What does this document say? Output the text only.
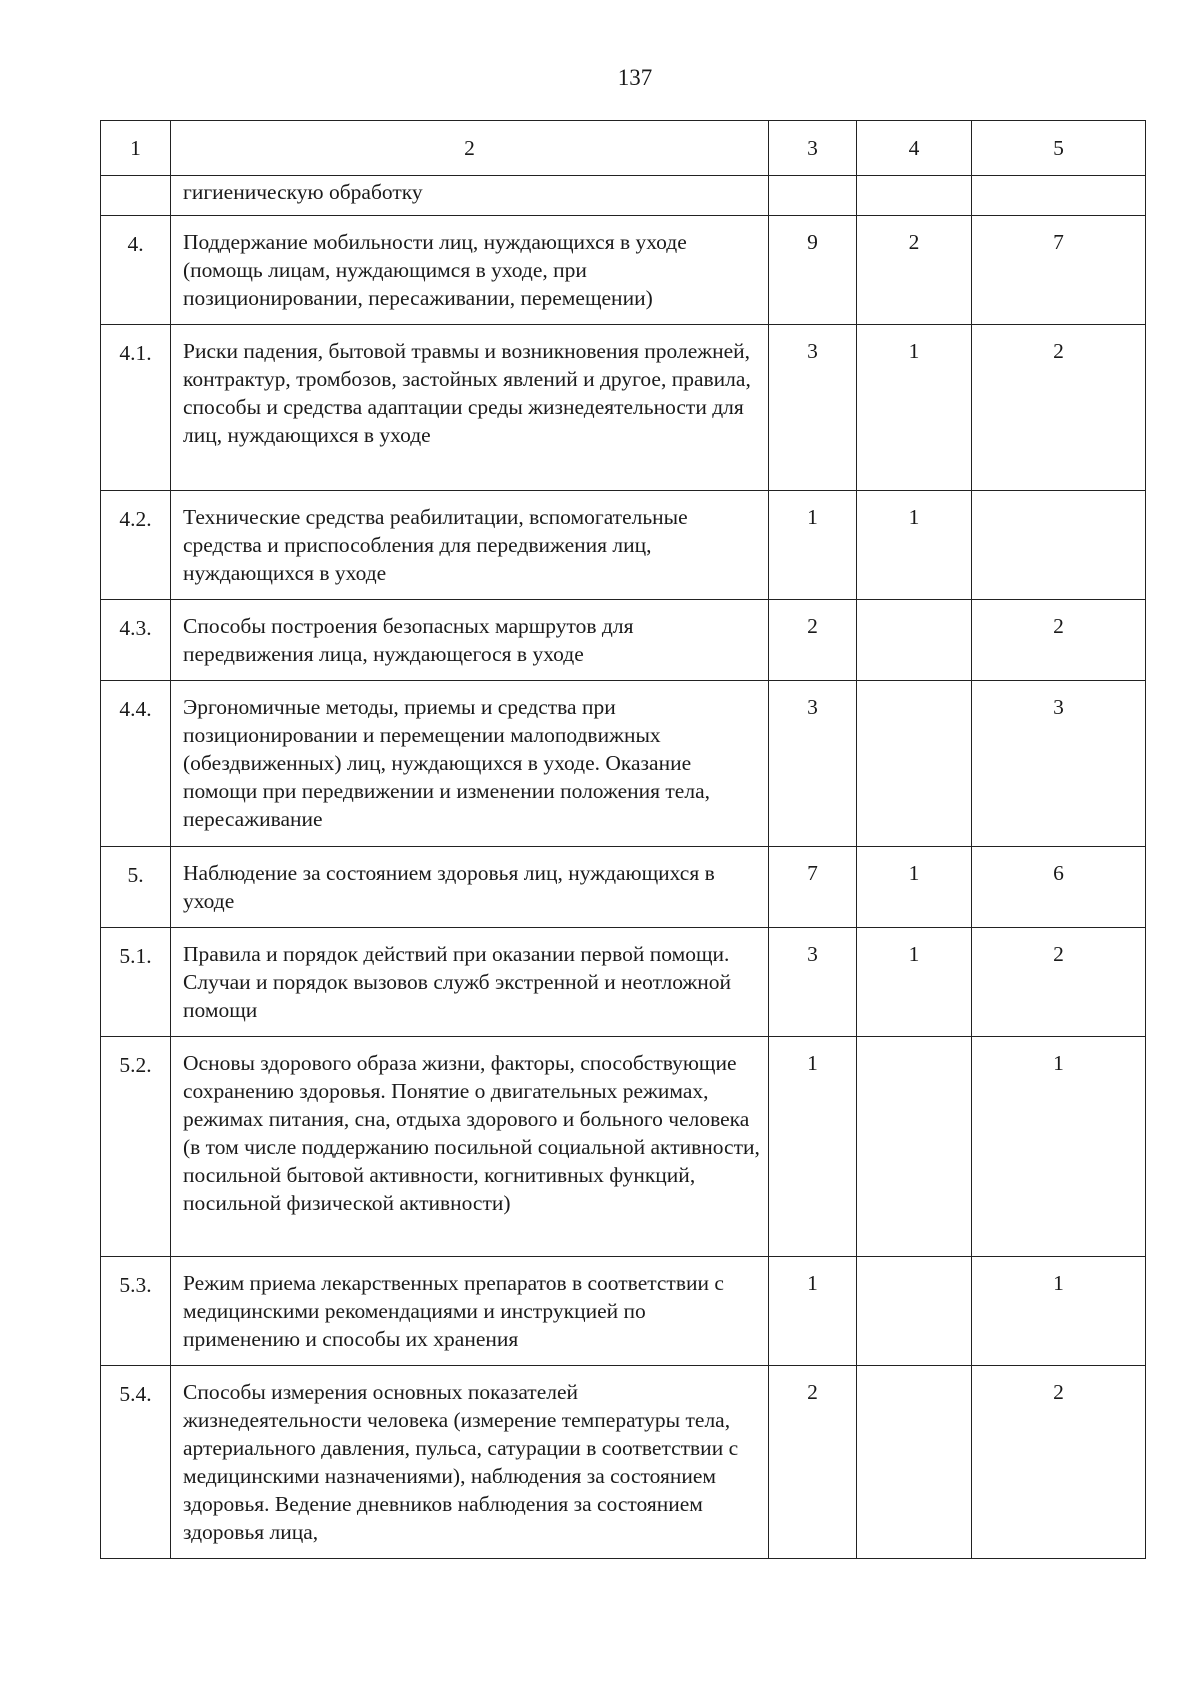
137
1	2	3	4	5
	гигиеническую обработку			
4.	Поддержание мобильности лиц, нуждающихся в уходе (помощь лицам, нуждающимся в уходе, при позиционировании, пересаживании, перемещении)	9	2	7
4.1.	Риски падения, бытовой травмы и возникновения пролежней, контрактур, тромбозов, застойных явлений и другое, правила, способы и средства адаптации среды жизнедеятельности для лиц, нуждающихся в уходе	3	1	2
4.2.	Технические средства реабилитации, вспомогательные средства и приспособления для передвижения лиц, нуждающихся в уходе	1	1	
4.3.	Способы построения безопасных маршрутов для передвижения лица, нуждающегося в уходе	2		2
4.4.	Эргономичные методы, приемы и средства при позиционировании и перемещении малоподвижных (обездвиженных) лиц, нуждающихся в уходе. Оказание помощи при передвижении и изменении положения тела, пересаживание	3		3
5.	Наблюдение за состоянием здоровья лиц, нуждающихся в уходе	7	1	6
5.1.	Правила и порядок действий при оказании первой помощи. Случаи и порядок вызовов служб экстренной и неотложной помощи	3	1	2
5.2.	Основы здорового образа жизни, факторы, способствующие сохранению здоровья. Понятие о двигательных режимах, режимах питания, сна, отдыха здорового и больного человека (в том числе поддержанию посильной социальной активности, посильной бытовой активности, когнитивных функций, посильной физической активности)	1		1
5.3.	Режим приема лекарственных препаратов в соответствии с медицинскими рекомендациями и инструкцией по применению и способы их хранения	1		1
5.4.	Способы измерения основных показателей жизнедеятельности человека (измерение температуры тела, артериального давления, пульса, сатурации в соответствии с медицинскими назначениями), наблюдения за состоянием здоровья. Ведение дневников наблюдения за состоянием здоровья лица,	2		2
